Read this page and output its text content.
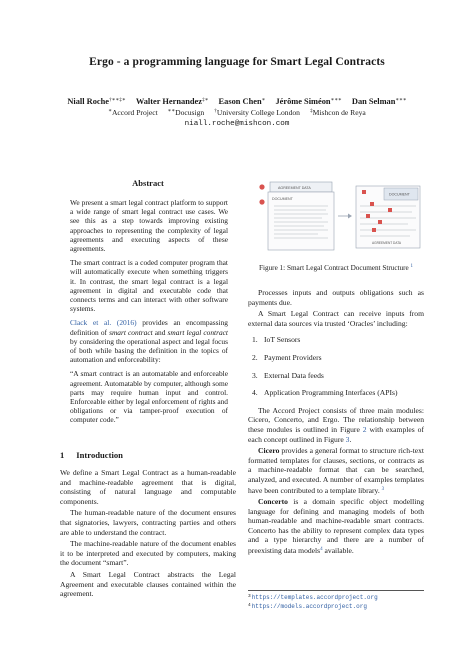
Ergo - a programming language for Smart Legal Contracts
Niall Roche†∗∗‡∗ Walter Hernandez‡∗ Eason Chen∗ Jérôme Siméon∗∗∗ Dan Selman∗∗∗
∗Accord Project ∗∗Docusign †University College London ‡Mishcon de Reya
niall.roche@mishcon.com
Abstract

We present a smart legal contract platform to support a wide range of smart legal contract use cases. We see this as a step towards improving existing approaches to representing the complexity of legal agreements and executing aspects of these agreements.

The smart contract is a coded computer program that will automatically execute when something triggers it. In contrast, the smart legal contract is a legal agreement in digital and executable code that connects terms and can interact with other software systems.

Clack et al. (2016) provides an encompassing definition of smart contract and smart legal contract by considering the operational aspect and legal focus of both while basing the definition in the topics of automation and enforceability:

“A smart contract is an automatable and enforceable agreement. Automatable by computer, although some parts may require human input and control. Enforceable either by legal enforcement of rights and obligations or via tamper-proof execution of computer code.”

1 Introduction

We define a Smart Legal Contract as a human-readable and machine-readable agreement that is digital, consisting of natural language and computable components.

The human-readable nature of the document ensures that signatories, lawyers, contracting parties and others are able to understand the contract.

The machine-readable nature of the document enables it to be interpreted and executed by computers, making the document “smart”.

A Smart Legal Contract abstracts the Legal Agreement and executable clauses contained within the agreement.

AGREEMENT DATA
DOCUMENT
DOCUMENT
AGREEMENT DATA
Figure 1: Smart Legal Contract Document Structure $^1$

Processes inputs and outputs obligations such as payments due.

A Smart Legal Contract can receive inputs from external data sources via trusted ‘Oracles’ including:

1. IoT Sensors
2. Payment Providers
3. External Data feeds
4. Application Programming Interfaces (APIs)

The Accord Project consists of three main modules: Cicero, Concerto, and Ergo. The relationship between these modules is outlined in Figure 2 with examples of each concept outlined in Figure 3.

Cicero provides a general format to structure rich-text formatted templates for clauses, sections, or contracts as a machine-readable format that can be searched, analyzed, and executed. A number of examples templates have been contributed to a template library. $^3$

Concerto is a domain specific object modelling language for defining and managing models of both human-readable and machine-readable smart contracts. Concerto has the ability to represent complex data types and a type hierarchy and there are a number of preexisting data models$^4$ available.

$^3$https://templates.accordproject.org
$^4$https://models.accordproject.org
